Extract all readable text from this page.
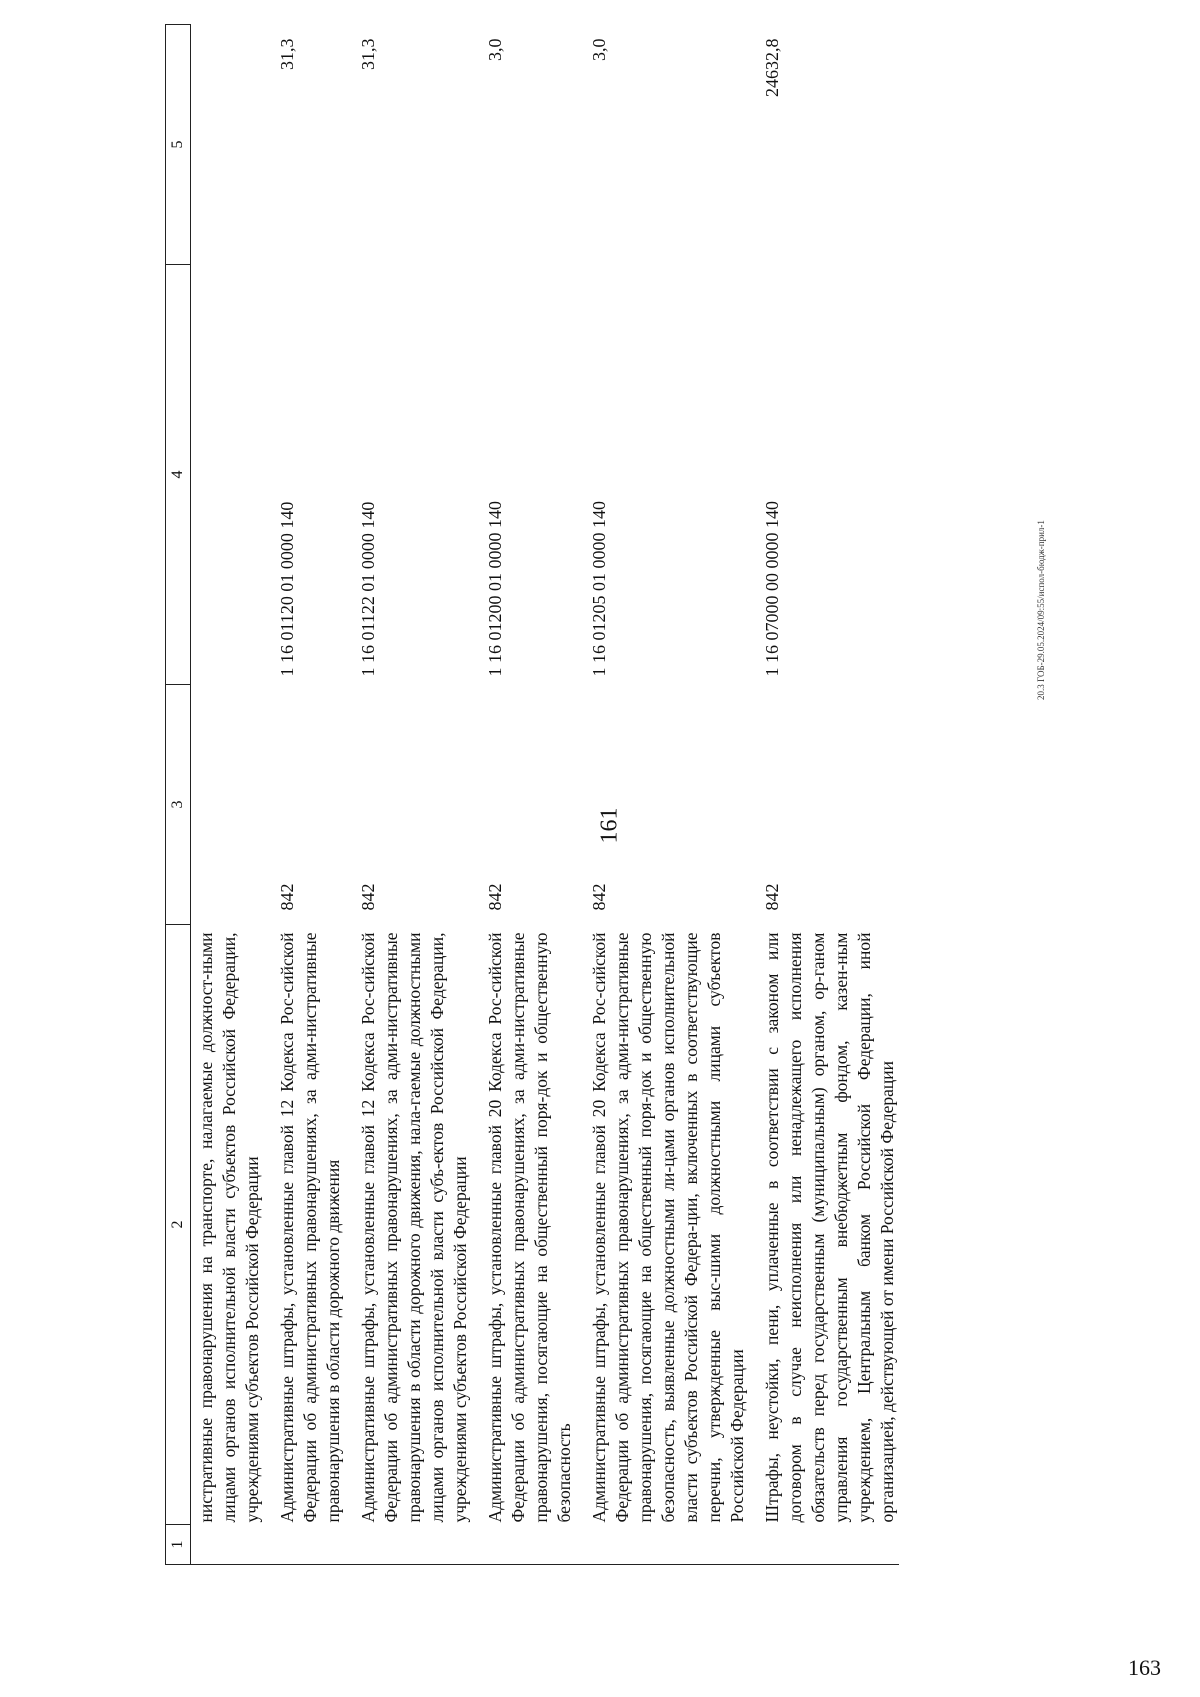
1	2	3	4	5
	нистративные правонарушения на транспорте, налагаемые должност-ными лицами органов исполнительной власти субъектов Российской Федерации, учреждениями субъектов Российской Федерации			
	Административные штрафы, установленные главой 12 Кодекса Рос-сийской Федерации об административных правонарушениях, за адми-нистративные правонарушения в области дорожного движения	842	1 16 01120 01 0000 140	31,3
	Административные штрафы, установленные главой 12 Кодекса Рос-сийской Федерации об административных правонарушениях, за адми-нистративные правонарушения в области дорожного движения, нала-гаемые должностными лицами органов исполнительной власти субъ-ектов Российской Федерации, учреждениями субъектов Российской Федерации	842	1 16 01122 01 0000 140	31,3
	Административные штрафы, установленные главой 20 Кодекса Рос-сийской Федерации об административных правонарушениях, за адми-нистративные правонарушения, посягающие на общественный поря-док и общественную безопасность	842	1 16 01200 01 0000 140	3,0
	Административные штрафы, установленные главой 20 Кодекса Рос-сийской Федерации об административных правонарушениях, за адми-нистративные правонарушения, посягающие на общественный поря-док и общественную безопасность, выявленные должностными ли-цами органов исполнительной власти субъектов Российской Федера-ции, включенных в соответствующие перечни, утвержденные выс-шими должностными лицами субъектов Российской Федерации	842	1 16 01205 01 0000 140	3,0
	Штрафы, неустойки, пени, уплаченные в соответствии с законом или договором в случае неисполнения или ненадлежащего исполнения обязательств перед государственным (муниципальным) органом, ор-ганом управления государственным внебюджетным фондом, казен-ным учреждением, Центральным банком Российской Федерации, иной организацией, действующей от имени Российской Федерации	842	1 16 07000 00 0000 140	24632,8
161
20.3 ГОБ-29.05.2024/09:55/испол-бюдж-прил-1
163
